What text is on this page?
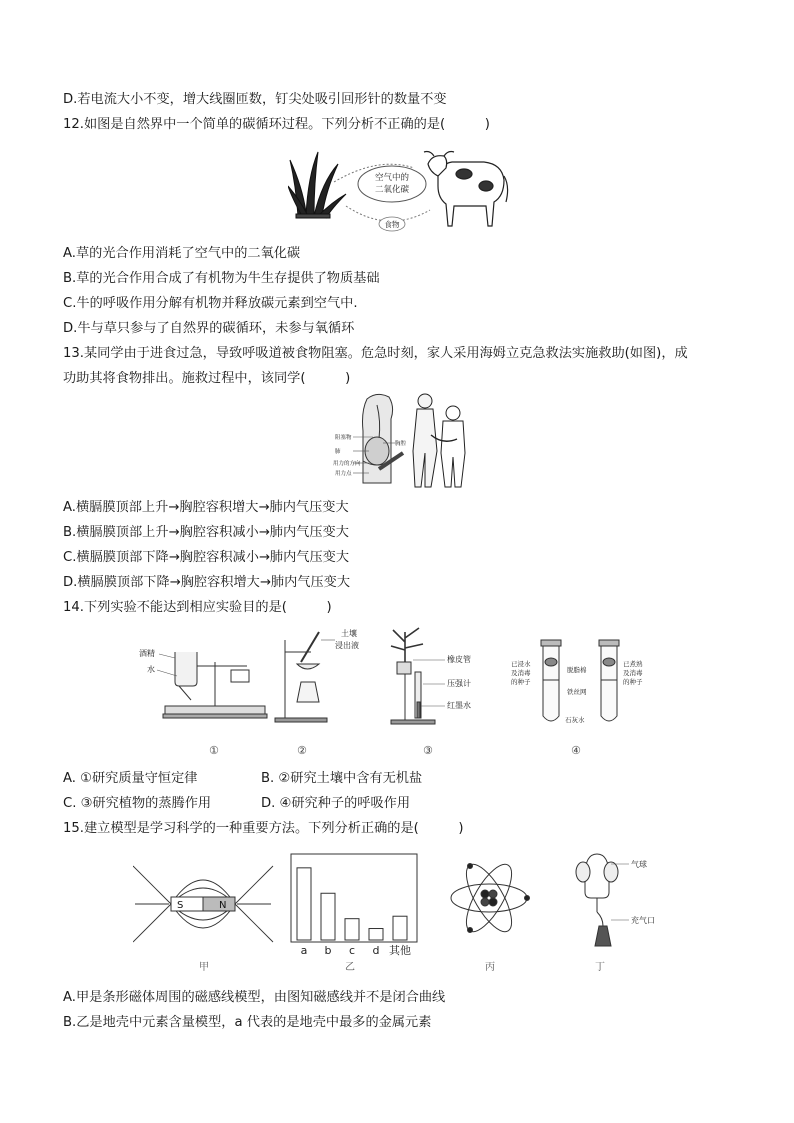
D.若电流大小不变，增大线圈匝数，钉尖处吸引回形针的数量不变
12.如图是自然界中一个简单的碳循环过程。下列分析不正确的是(　　　)
空气中的
二氧化碳
食物
A.草的光合作用消耗了空气中的二氧化碳
B.草的光合作用合成了有机物为牛生存提供了物质基础
C.牛的呼吸作用分解有机物并释放碳元素到空气中.
D.牛与草只参与了自然界的碳循环，未参与氧循环
13.某同学由于进食过急，导致呼吸道被食物阻塞。危急时刻，家人采用海姆立克急救法实施救助(如图)，成
功助其将食物排出。施救过程中，该同学(　　　)
阻塞物
肺
胸腔
用力的方向
用力点
A.横膈膜顶部上升→胸腔容积增大→肺内气压变大
B.横膈膜顶部上升→胸腔容积减小→肺内气压变大
C.横膈膜顶部下降→胸腔容积减小→肺内气压变大
D.横膈膜顶部下降→胸腔容积增大→肺内气压变大
14.下列实验不能达到相应实验目的是(　　　)
酒精
水
土壤
浸出液
橡皮管
压强计
红墨水
已浸水
及消毒
的种子
已煮熟
及消毒
的种子
脱脂棉
铁丝网
石灰水
①	②	③	④
A. ①研究质量守恒定律	B. ②研究土壤中含有无机盐
C. ③研究植物的蒸腾作用	D. ④研究种子的呼吸作用
15.建立模型是学习科学的一种重要方法。下列分析正确的是(　　　)
S	N
甲
a b c d 其他
乙	丙
气球
充气口
丁
A.甲是条形磁体周围的磁感线模型，由图知磁感线并不是闭合曲线
B.乙是地壳中元素含量模型，a 代表的是地壳中最多的金属元素
